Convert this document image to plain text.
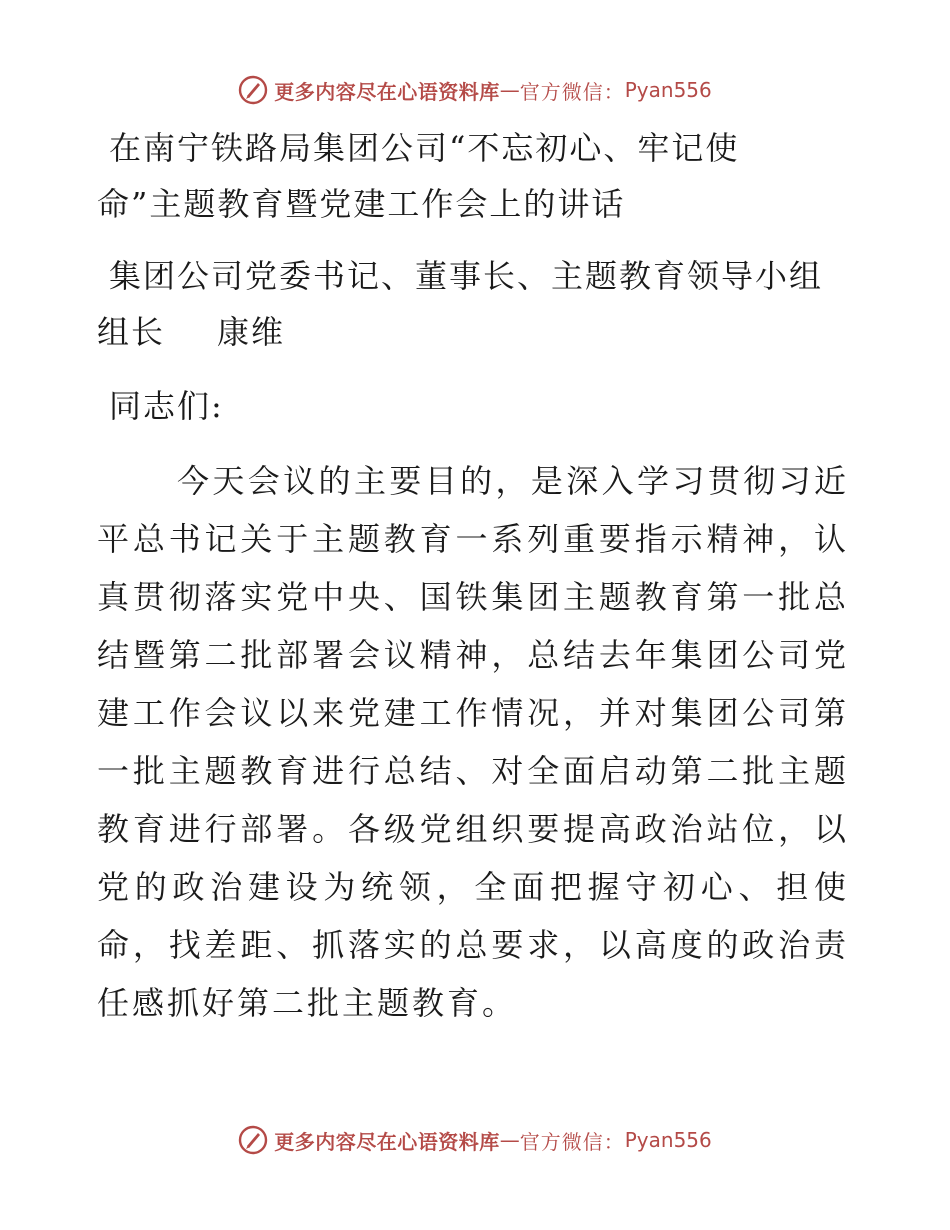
更多内容尽在心语资料库 — 官方微信： Pyan556
在南宁铁路局集团公司“不忘初心、牢记使
命”主题教育暨党建工作会上的讲话
集团公司党委书记、董事长、主题教育领导小组
组长 康维
同志们:

今天会议的主要目的，是深入学习贯彻习近平总书记关于主题教育一系列重要指示精神，认真贯彻落实党中央、国铁集团主题教育第一批总结暨第二批部署会议精神，总结去年集团公司党建工作会议以来党建工作情况，并对集团公司第一批主题教育进行总结、对全面启动第二批主题教育进行部署。各级党组织要提高政治站位，以党的政治建设为统领，全面把握守初心、担使命，找差距、抓落实的总要求，以高度的政治责任感抓好第二批主题教育。

更多内容尽在心语资料库 — 官方微信： Pyan556
